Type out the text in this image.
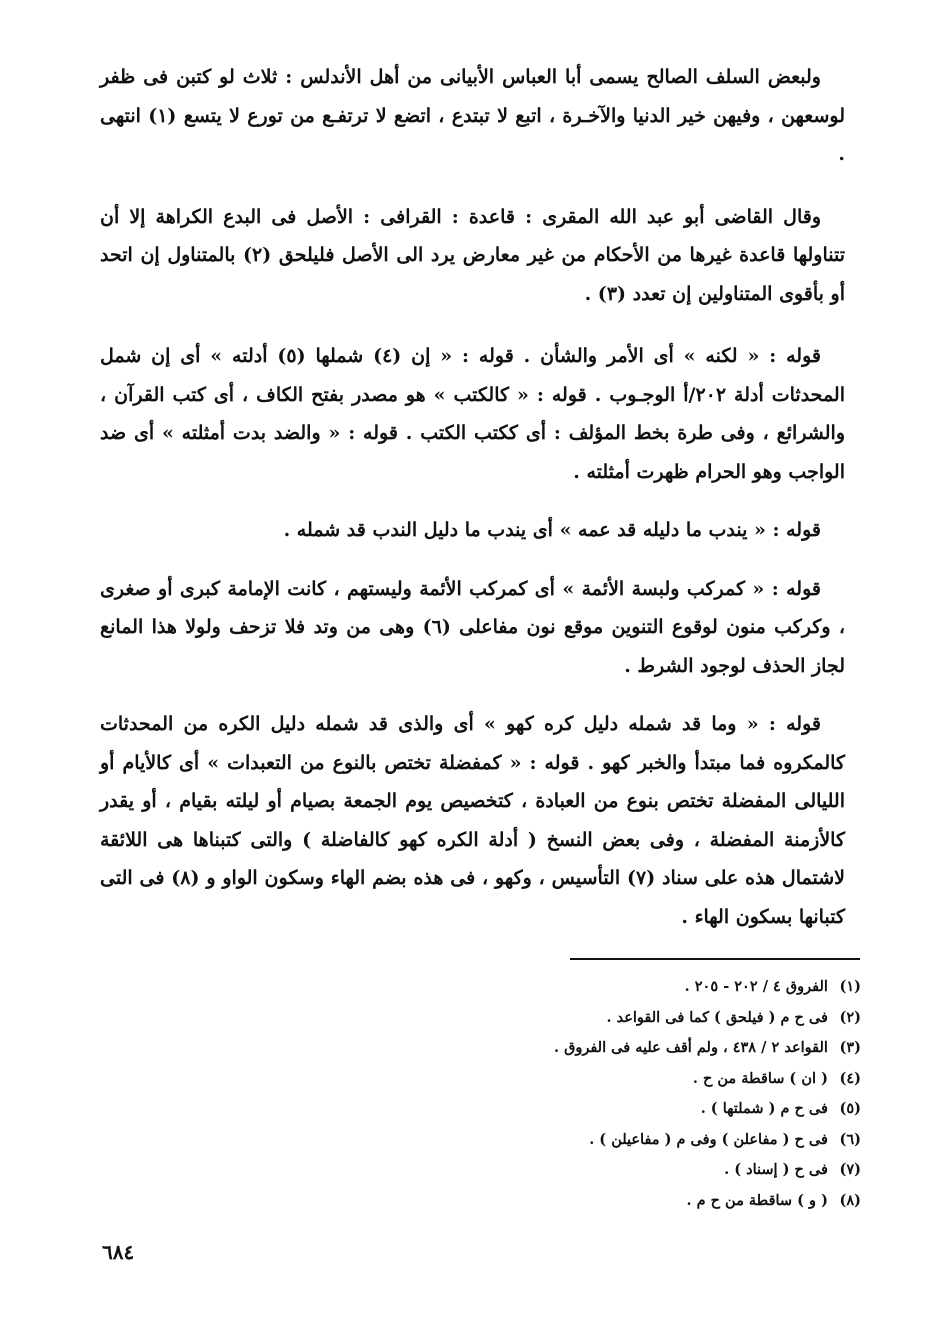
ولبعض السلف الصالح يسمى أبا العباس الأبيانى من أهل الأندلس : ثلاث لو كتبن فى ظفر لوسعهن ، وفيهن خير الدنيا والآخـرة ، اتبع لا تبتدع ، اتضع لا ترتفـع من تورع لا يتسع (١) انتهى .

وقال القاضى أبو عبد الله المقرى : قاعدة : القرافى : الأصل فى البدع الكراهة إلا أن تتناولها قاعدة غيرها من الأحكام من غير معارض يرد الى الأصل فليلحق (٢) بالمتناول إن اتحد أو بأقوى المتناولين إن تعدد (٣) .

قوله : « لكنه » أى الأمر والشأن . قوله : « إن (٤) شملها (٥) أدلته » أى إن شمل المحدثات أدلة ٢٠٢/أ الوجـوب . قوله : « كالكتب » هو مصدر بفتح الكاف ، أى كتب القرآن ، والشرائع ، وفى طرة بخط المؤلف : أى ككتب الكتب . قوله : « والضد بدت أمثلته » أى ضد الواجب وهو الحرام ظهرت أمثلته .

قوله : « يندب ما دليله قد عمه » أى يندب ما دليل الندب قد شمله .

قوله : « كمركب ولبسة الأئمة » أى كمركب الأئمة وليستهم ، كانت الإمامة كبرى أو صغرى ، وكركب منون لوقوع التنوين موقع نون مفاعلى (٦) وهى من وتد فلا تزحف ولولا هذا المانع لجاز الحذف لوجود الشرط .

قوله : « وما قد شمله دليل كره كهو » أى والذى قد شمله دليل الكره من المحدثات كالمكروه فما مبتدأ والخبر كهو . قوله : « كمفضلة تختص بالنوع من التعبدات » أى كالأيام أو الليالى المفضلة تختص بنوع من العبادة ، كتخصيص يوم الجمعة بصيام أو ليلته بقيام ، أو يقدر كالأزمنة المفضلة ، وفى بعض النسخ ( أدلة الكره كهو كالفاضلة ) والتى كتبناها هى اللائقة لاشتمال هذه على سناد (٧) التأسيس ، وكهو ، فى هذه بضم الهاء وسكون الواو و (٨) فى التى كتبانها بسكون الهاء .

(١) الفروق ٤ / ٢٠٢ - ٢٠٥ .
(٢) فى ح م ( فيلحق ) كما فى القواعد .
(٣) القواعد ٢ / ٤٣٨ ، ولم أقف عليه فى الفروق .
(٤) ( ان ) ساقطة من ح .
(٥) فى ح م ( شملتها ) .
(٦) فى ح ( مفاعلن ) وفى م ( مفاعيلن ) .
(٧) فى ح ( إسناد ) .
(٨) ( و ) ساقطة من ح م .
٦٨٤
